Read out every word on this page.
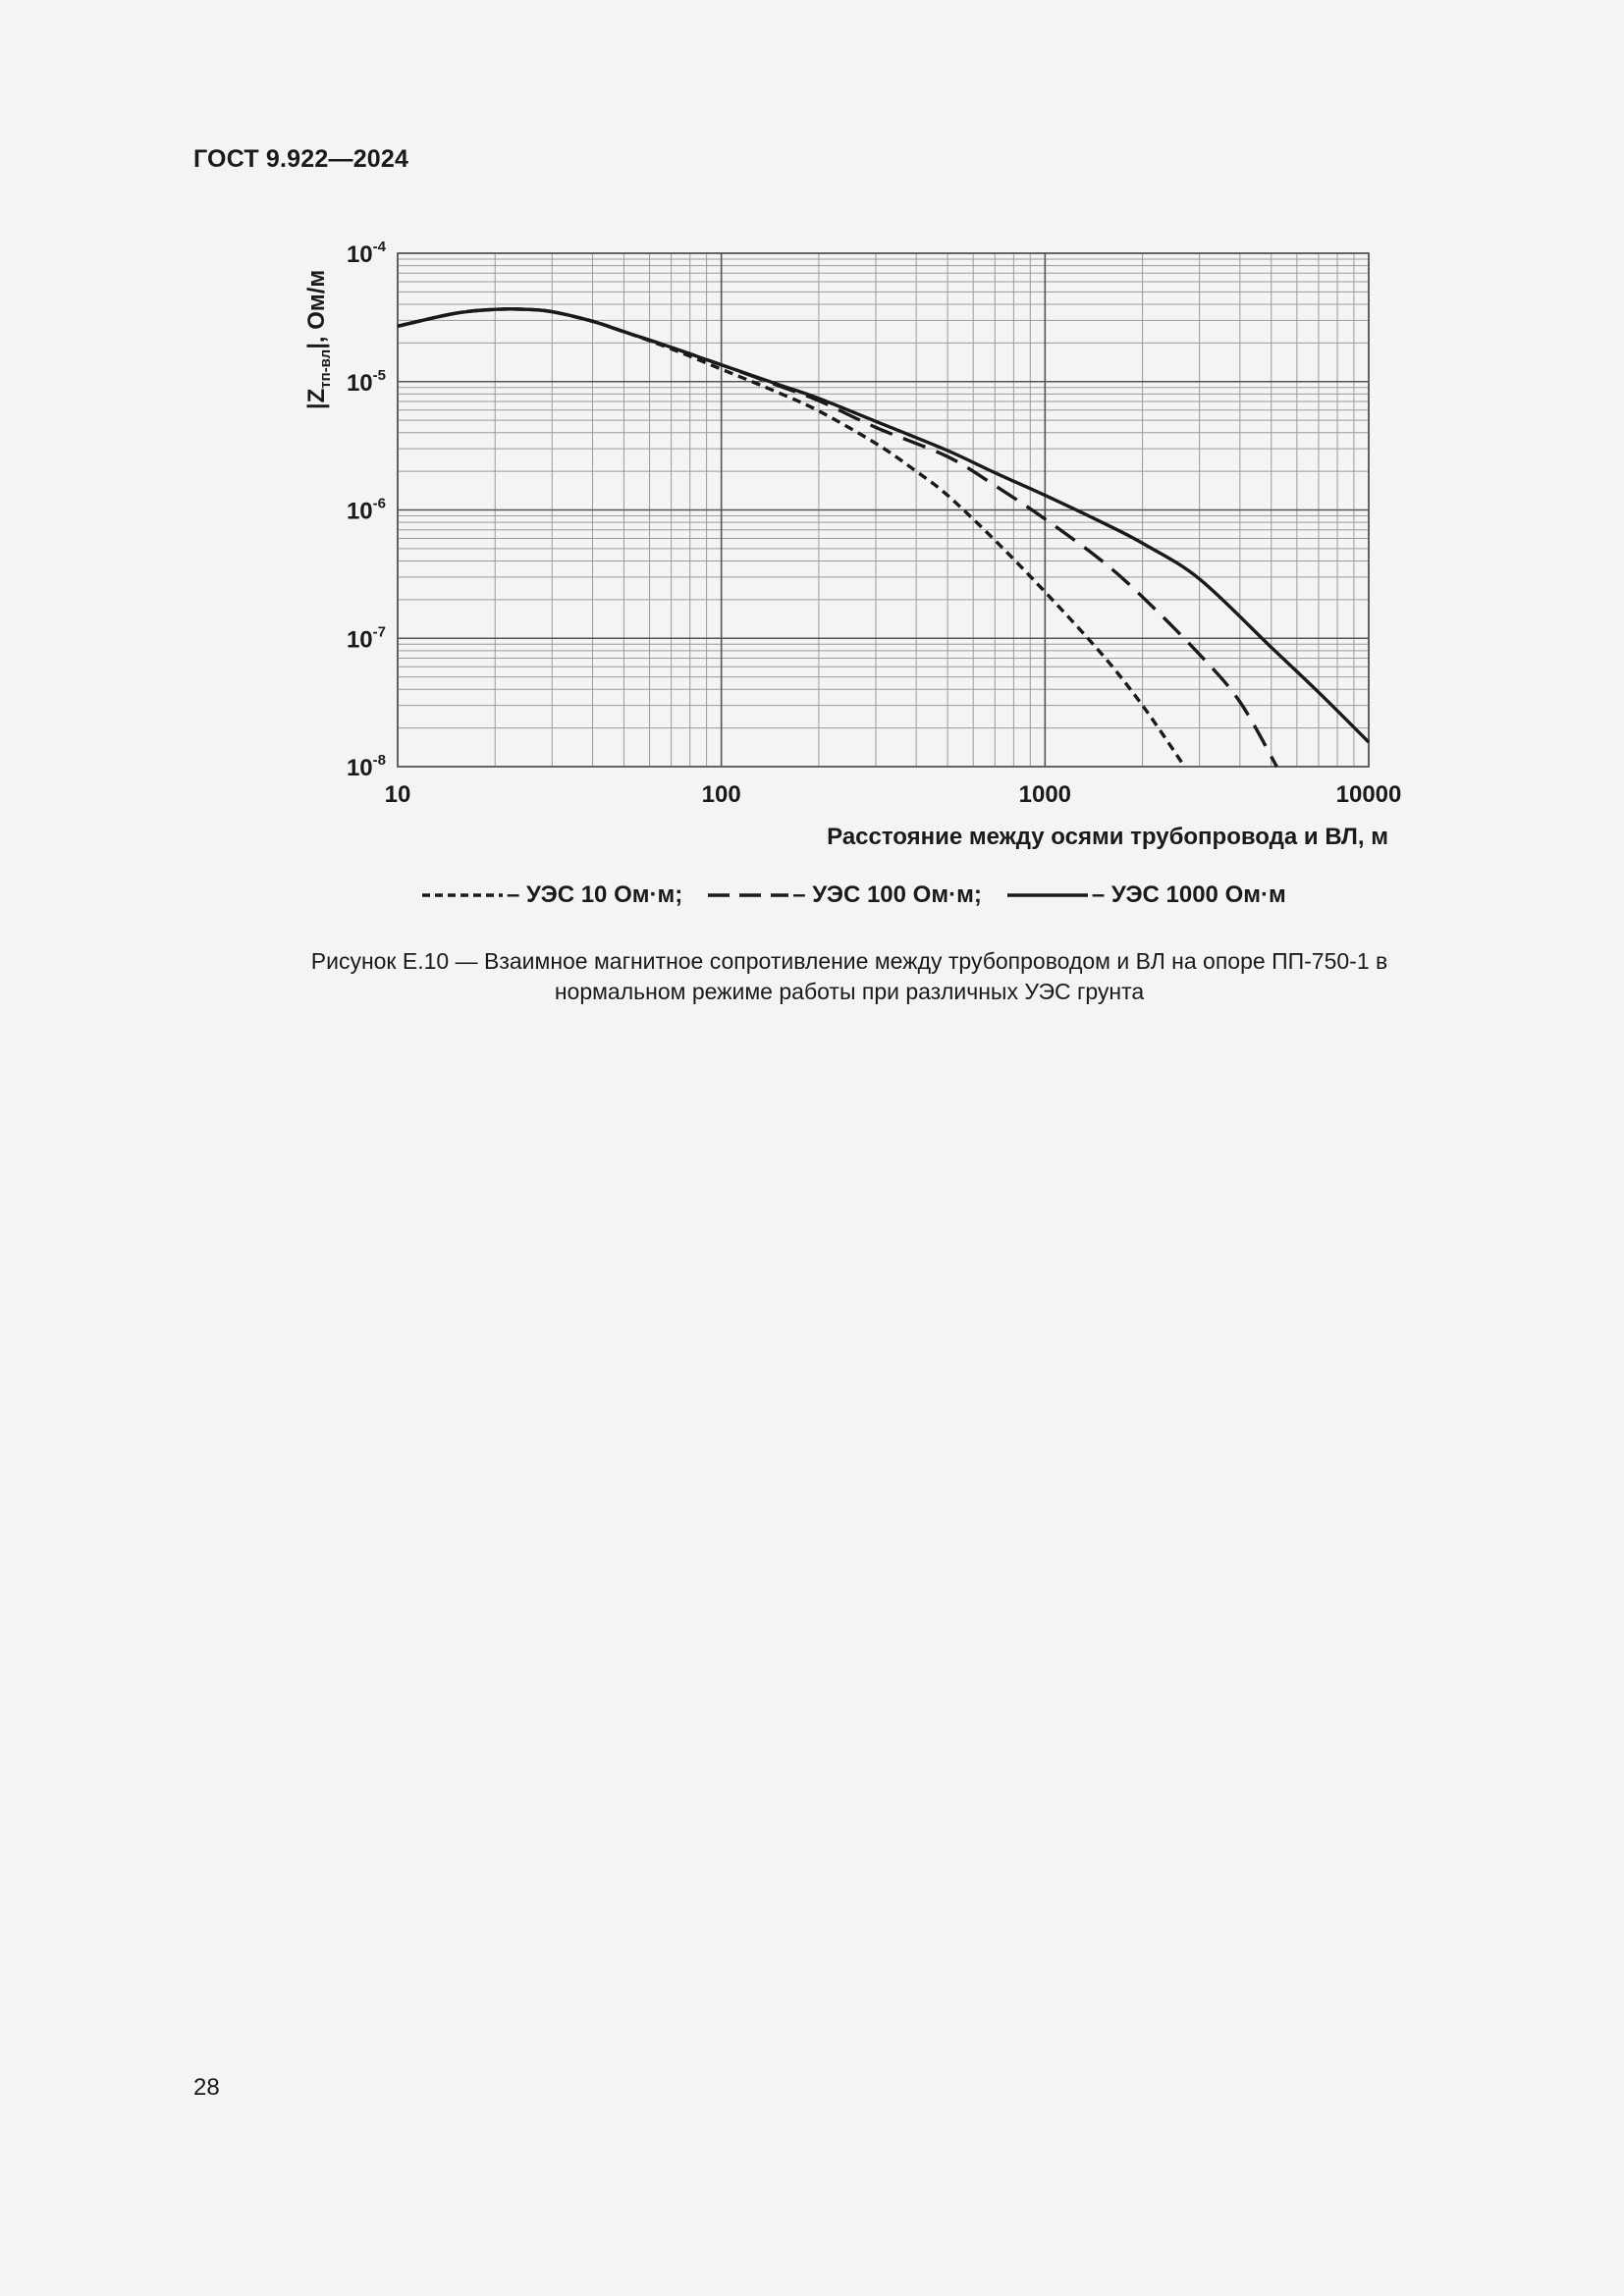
ГОСТ 9.922—2024
10	100	1000	10000
$10^{-4}$
$10^{-5}$
$10^{-6}$
$10^{-7}$
$10^{-8}$
$|Z_{тп-вл}|$, Ом/м
Расстояние между осями трубопровода и ВЛ, м
– УЭС 10 Ом·м;	– УЭС 100 Ом·м;	– УЭС 1000 Ом·м
Рисунок Е.10 — Взаимное магнитное сопротивление между трубопроводом и ВЛ на опоре ПП-750-1 в
нормальном режиме работы при различных УЭС грунта
28
